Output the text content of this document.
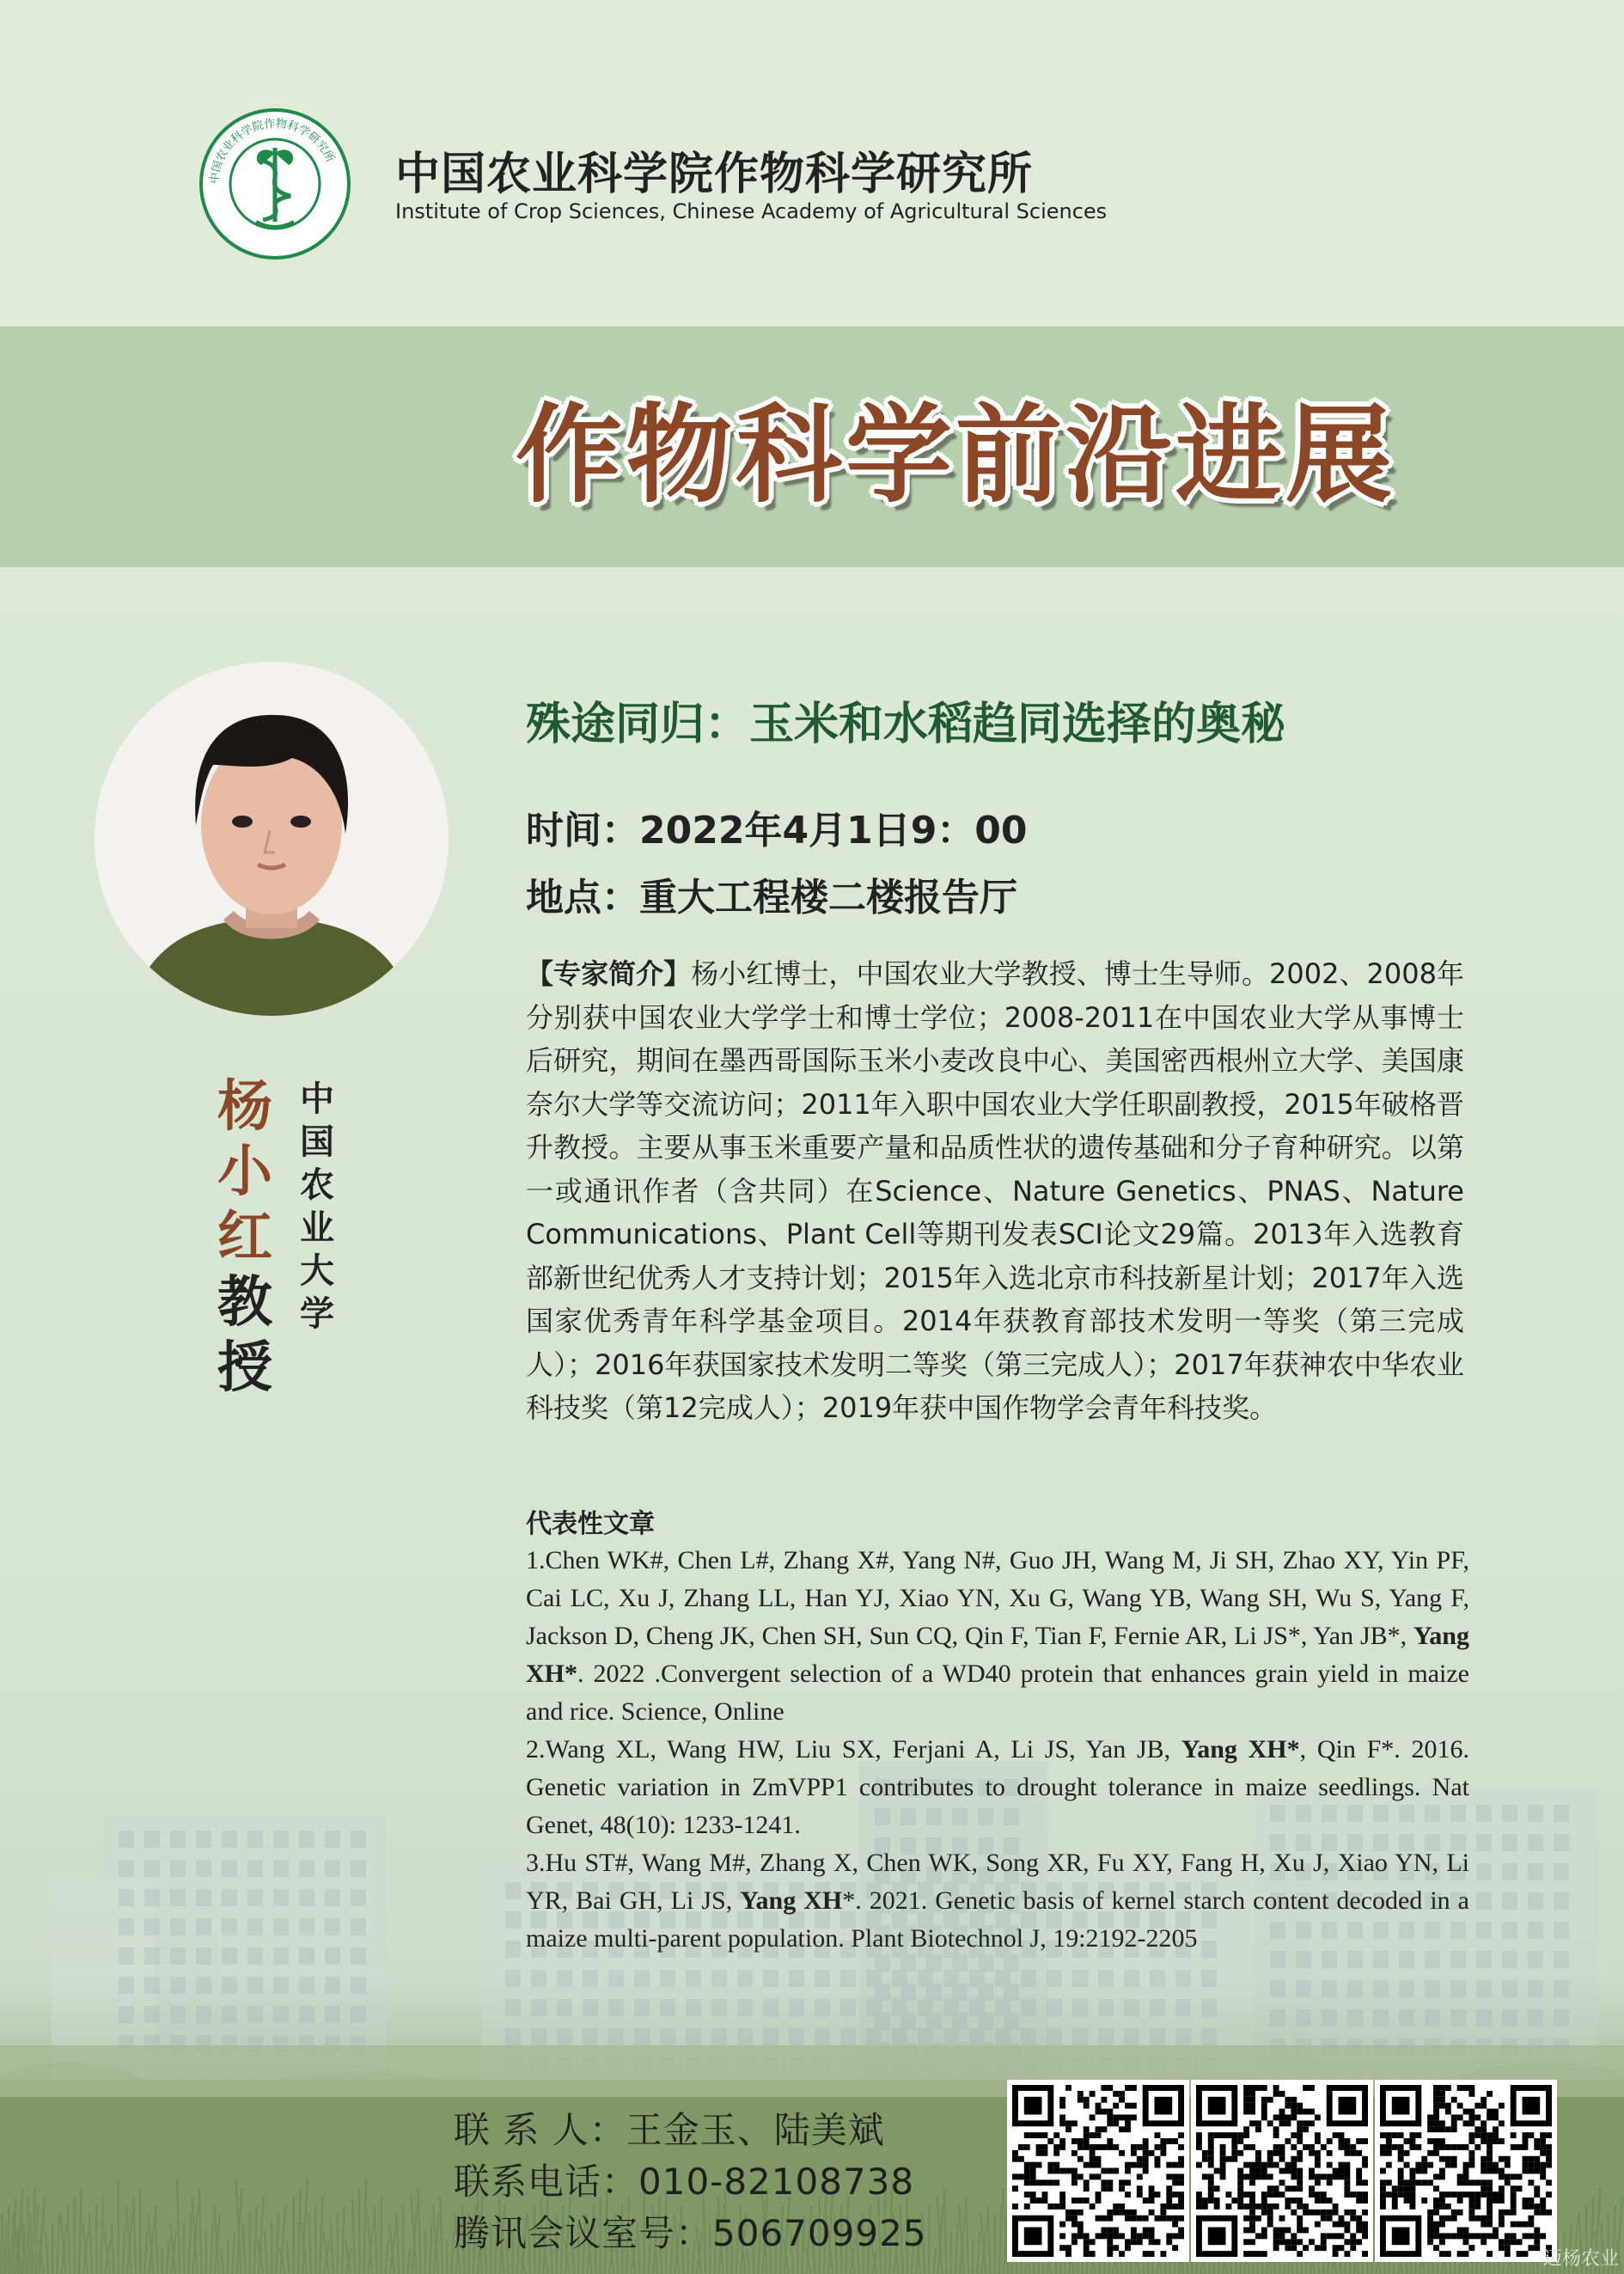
中国农业科学院作物科学研究所 中国农业科学院作物科学研究所
Institute of Crop Sciences, Chinese Academy of Agricultural Sciences
作物科学前沿进展
杨小红
教授
中国农业大学
殊途同归：玉米和水稻趋同选择的奥秘
时间：2022年4月1日9：00
地点：重大工程楼二楼报告厅
【专家简介】杨小红博士，中国农业大学教授、博士生导师。2002、2008年分别获中国农业大学学士和博士学位；2008-2011在中国农业大学从事博士后研究，期间在墨西哥国际玉米小麦改良中心、美国密西根州立大学、美国康奈尔大学等交流访问；2011年入职中国农业大学任职副教授，2015年破格晋升教授。主要从事玉米重要产量和品质性状的遗传基础和分子育种研究。以第一或通讯作者（含共同）在Science、Nature Genetics、PNAS、Nature Communications、Plant Cell等期刊发表SCI论文29篇。2013年入选教育部新世纪优秀人才支持计划；2015年入选北京市科技新星计划；2017年入选国家优秀青年科学基金项目。2014年获教育部技术发明一等奖（第三完成人）；2016年获国家技术发明二等奖（第三完成人）；2017年获神农中华农业科技奖（第12完成人）；2019年获中国作物学会青年科技奖。
代表性文章

1.Chen WK#, Chen L#, Zhang X#, Yang N#, Guo JH, Wang M, Ji SH, Zhao XY, Yin PF, Cai LC, Xu J, Zhang LL, Han YJ, Xiao YN, Xu G, Wang YB, Wang SH, Wu S, Yang F, Jackson D, Cheng JK, Chen SH, Sun CQ, Qin F, Tian F, Fernie AR, Li JS*, Yan JB*, Yang XH*. 2022 .Convergent selection of a WD40 protein that enhances grain yield in maize and rice. Science, Online

2.Wang XL, Wang HW, Liu SX, Ferjani A, Li JS, Yan JB, Yang XH*, Qin F*. 2016. Genetic variation in ZmVPP1 contributes to drought tolerance in maize seedlings. Nat Genet, 48(10): 1233-1241.

3.Hu ST#, Wang M#, Zhang X, Chen WK, Song XR, Fu XY, Fang H, Xu J, Xiao YN, Li YR, Bai GH, Li JS, Yang XH*. 2021. Genetic basis of kernel starch content decoded in a maize multi-parent population. Plant Biotechnol J, 19:2192-2205

联 系 人：王金玉、陆美斌
联系电话：010-82108738
腾讯会议室号：506709925
迈杨农业
